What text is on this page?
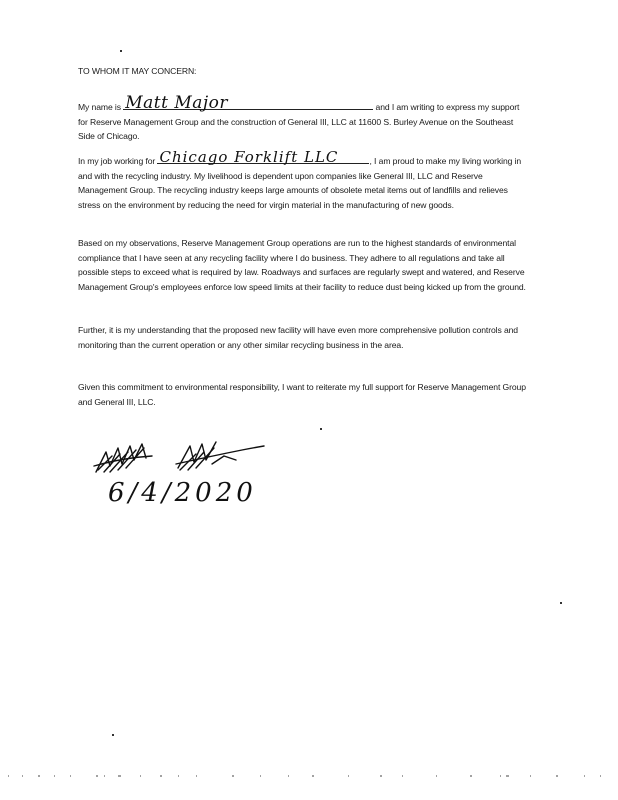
TO WHOM IT MAY CONCERN:
My name is Matt Major	and I am writing to express my support for Reserve Management Group and the construction of General III, LLC at 11600 S. Burley Avenue on the Southeast Side of Chicago.
In my job working for Chicago Forklift LLC	, I am proud to make my living working in and with the recycling industry. My livelihood is dependent upon companies like General III, LLC and Reserve Management Group. The recycling industry keeps large amounts of obsolete metal items out of landfills and relieves stress on the environment by reducing the need for virgin material in the manufacturing of new goods.
Based on my observations, Reserve Management Group operations are run to the highest standards of environmental compliance that I have seen at any recycling facility where I do business. They adhere to all regulations and take all possible steps to exceed what is required by law. Roadways and surfaces are regularly swept and watered, and Reserve Management Group's employees enforce low speed limits at their facility to reduce dust being kicked up from the ground.
Further, it is my understanding that the proposed new facility will have even more comprehensive pollution controls and monitoring than the current operation or any other similar recycling business in the area.
Given this commitment to environmental responsibility, I want to reiterate my full support for Reserve Management Group and General III, LLC.
6/4/2020
